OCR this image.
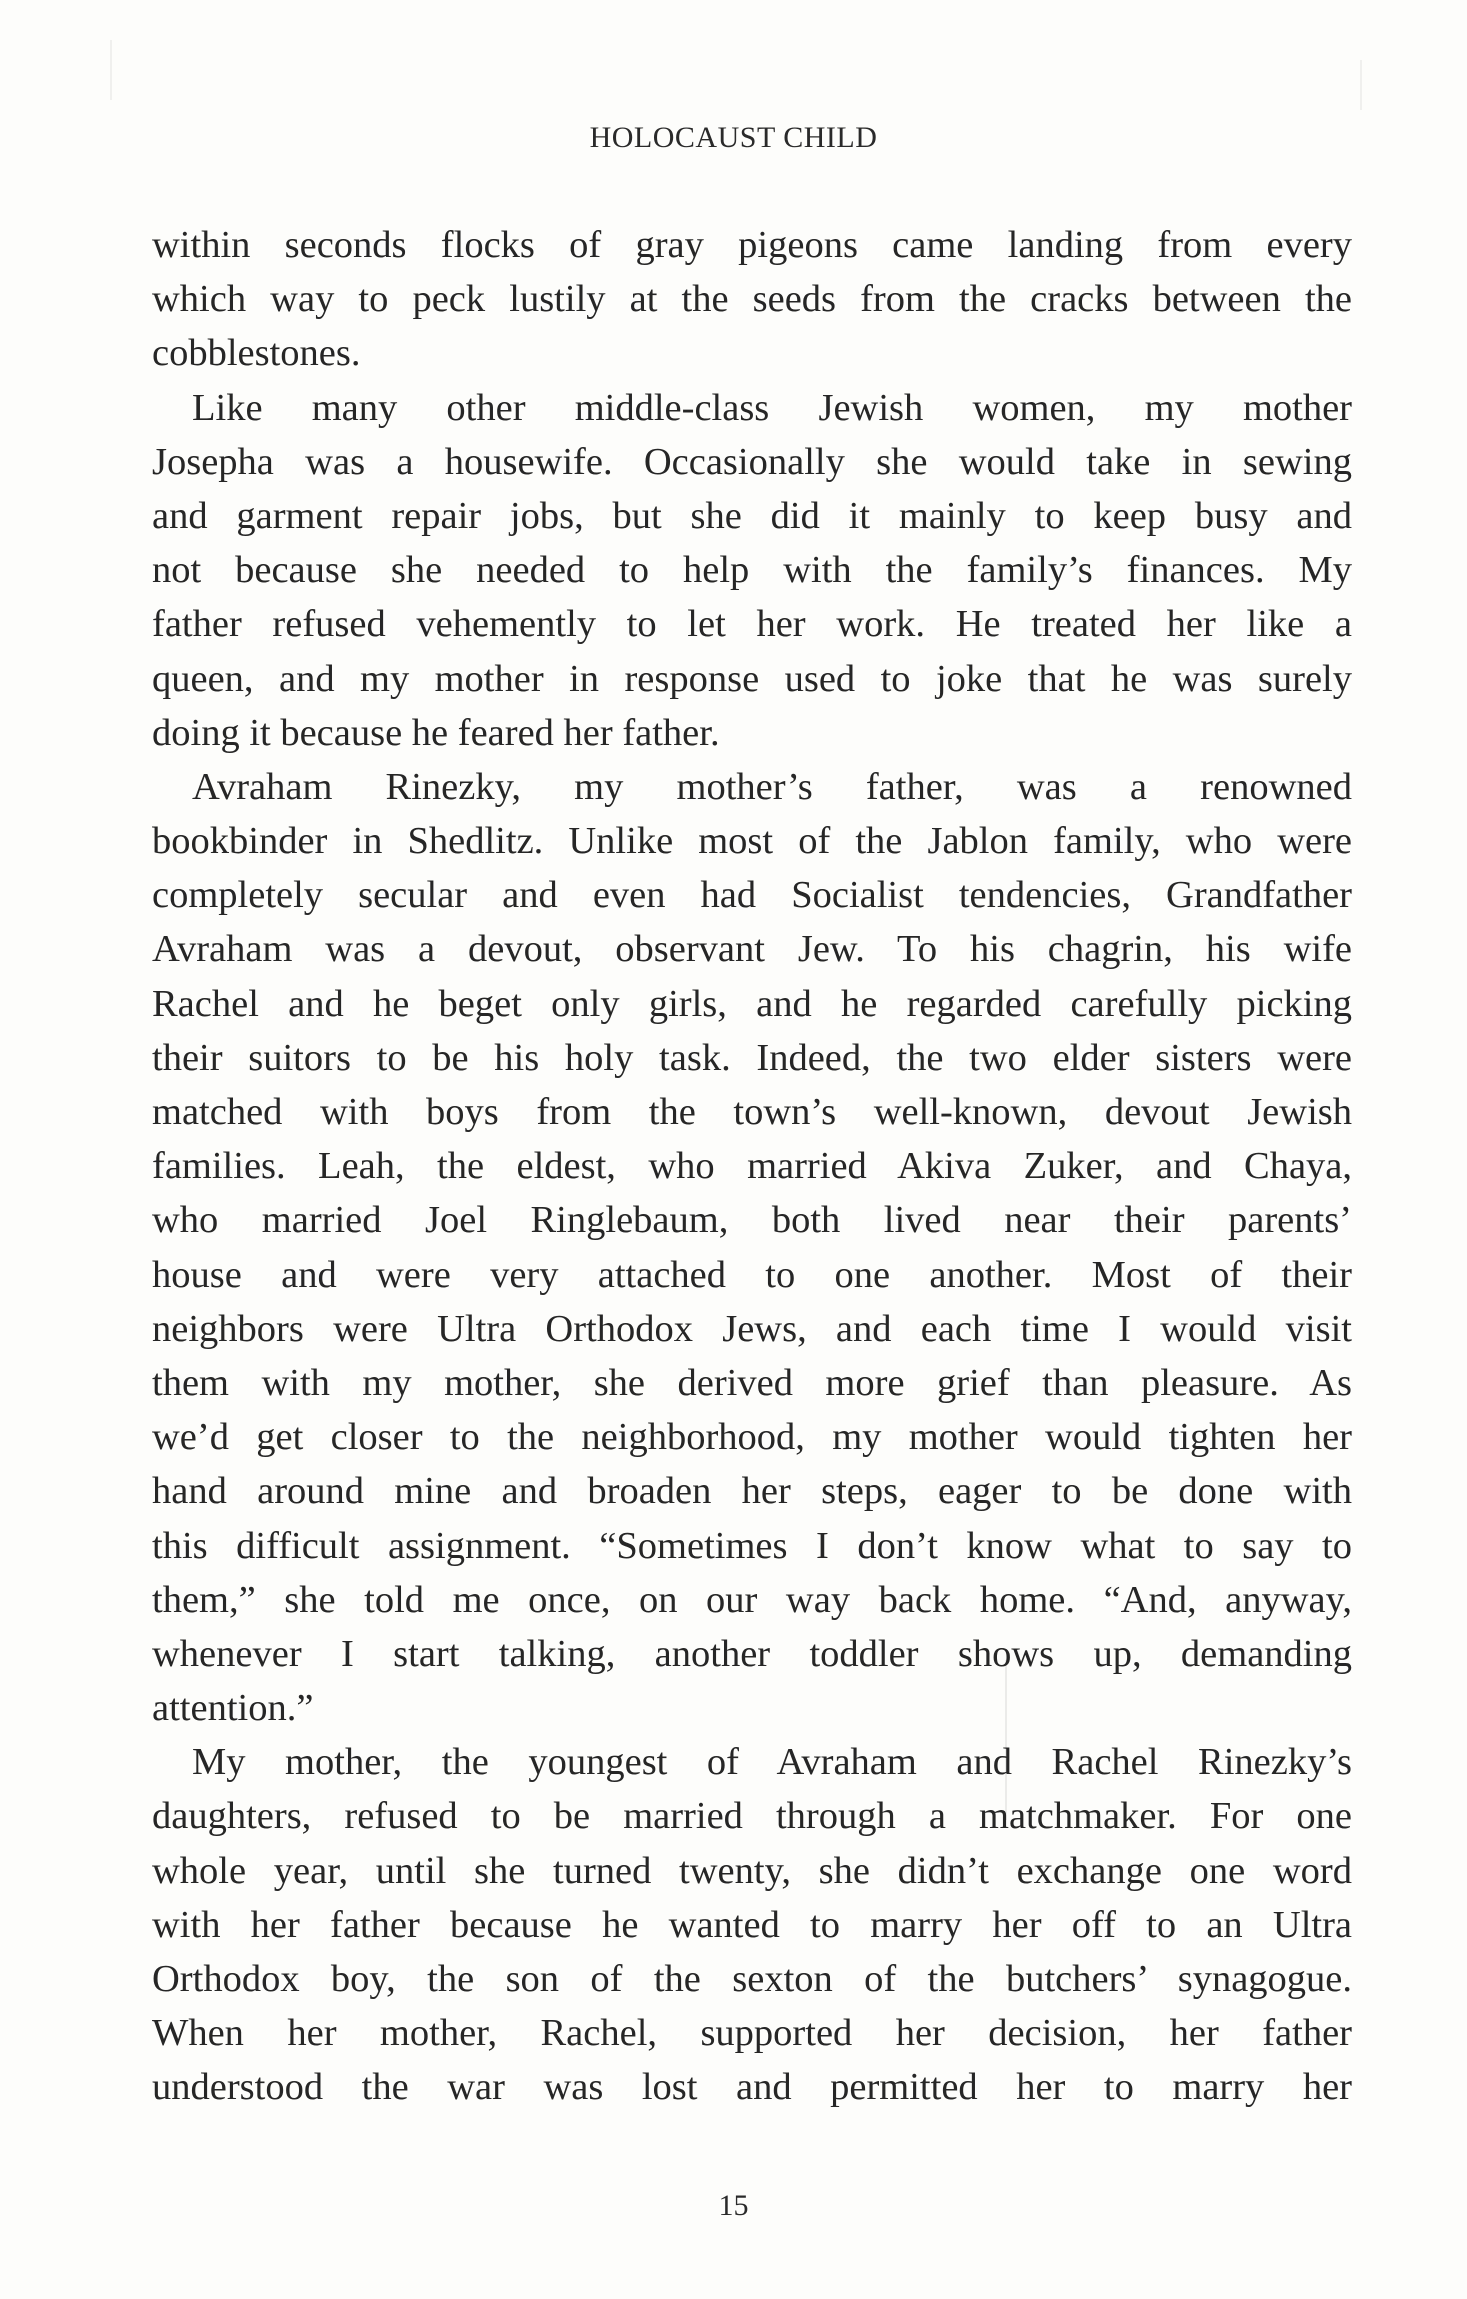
HOLOCAUST CHILD
within seconds flocks of gray pigeons came landing from every
which way to peck lustily at the seeds from the cracks between the
cobblestones.
Like many other middle-class Jewish women, my mother
Josepha was a housewife. Occasionally she would take in sewing
and garment repair jobs, but she did it mainly to keep busy and
not because she needed to help with the family’s finances. My
father refused vehemently to let her work. He treated her like a
queen, and my mother in response used to joke that he was surely
doing it because he feared her father.
Avraham Rinezky, my mother’s father, was a renowned
bookbinder in Shedlitz. Unlike most of the Jablon family, who were
completely secular and even had Socialist tendencies, Grandfather
Avraham was a devout, observant Jew. To his chagrin, his wife
Rachel and he beget only girls, and he regarded carefully picking
their suitors to be his holy task. Indeed, the two elder sisters were
matched with boys from the town’s well-known, devout Jewish
families. Leah, the eldest, who married Akiva Zuker, and Chaya,
who married Joel Ringlebaum, both lived near their parents’
house and were very attached to one another. Most of their
neighbors were Ultra Orthodox Jews, and each time I would visit
them with my mother, she derived more grief than pleasure. As
we’d get closer to the neighborhood, my mother would tighten her
hand around mine and broaden her steps, eager to be done with
this difficult assignment. “Sometimes I don’t know what to say to
them,” she told me once, on our way back home. “And, anyway,
whenever I start talking, another toddler shows up, demanding
attention.”
My mother, the youngest of Avraham and Rachel Rinezky’s
daughters, refused to be married through a matchmaker. For one
whole year, until she turned twenty, she didn’t exchange one word
with her father because he wanted to marry her off to an Ultra
Orthodox boy, the son of the sexton of the butchers’ synagogue.
When her mother, Rachel, supported her decision, her father
understood the war was lost and permitted her to marry her
15
